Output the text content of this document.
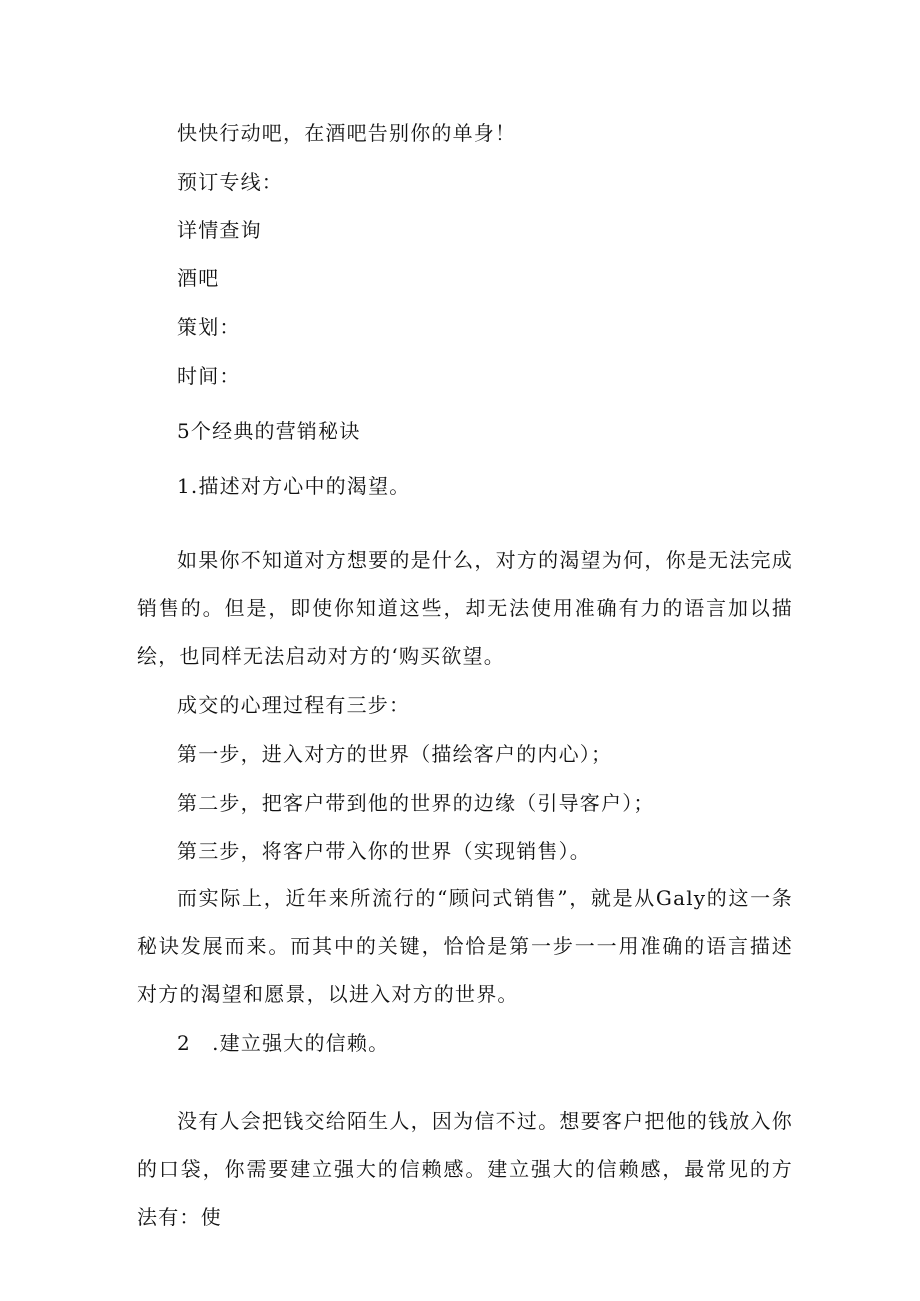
快快行动吧，在酒吧告别你的单身！
预订专线：
详情查询
酒吧
策划：
时间：
5个经典的营销秘诀
1.描述对方心中的渴望。
如果你不知道对方想要的是什么，对方的渴望为何，你是无法完成销售的。但是，即使你知道这些，却无法使用准确有力的语言加以描绘，也同样无法启动对方的‘购买欲望。
成交的心理过程有三步：
第一步，进入对方的世界（描绘客户的内心）；
第二步，把客户带到他的世界的边缘（引导客户）；
第三步，将客户带入你的世界（实现销售）。
而实际上，近年来所流行的“顾问式销售”，就是从Galy的这一条秘诀发展而来。而其中的关键，恰恰是第一步一一用准确的语言描述对方的渴望和愿景，以进入对方的世界。
2　.建立强大的信赖。
没有人会把钱交给陌生人，因为信不过。想要客户把他的钱放入你的口袋，你需要建立强大的信赖感。建立强大的信赖感，最常见的方法有：使
